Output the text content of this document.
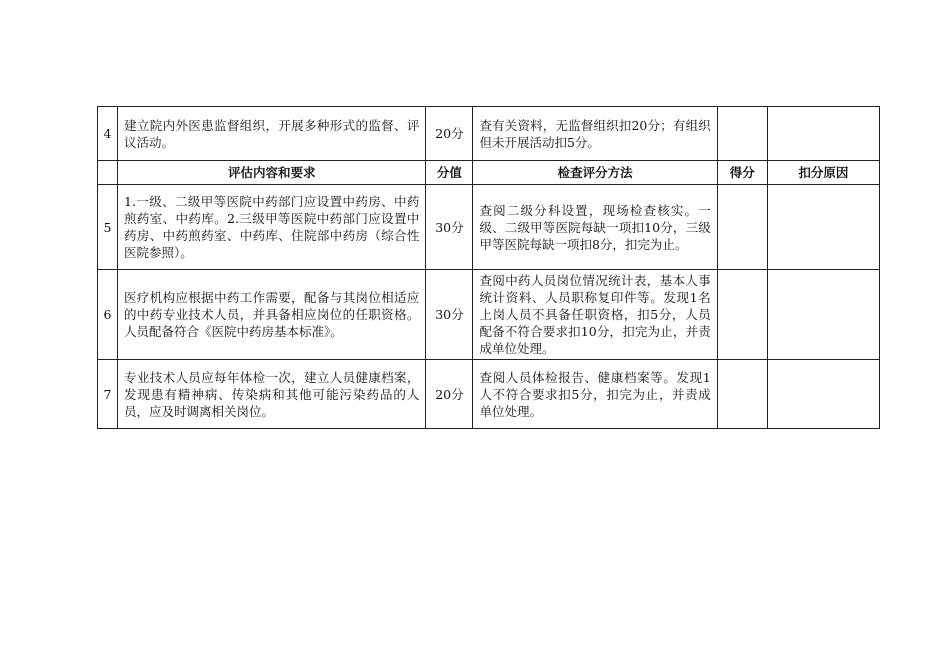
4	建立院内外医患监督组织，开展多种形式的监督、评议活动。	20分	查有关资料，无监督组织扣20分；有组织但未开展活动扣5分。		
	评估内容和要求	分值	检查评分方法	得分	扣分原因
5	1.一级、二级甲等医院中药部门应设置中药房、中药煎药室、中药库。2.三级甲等医院中药部门应设置中药房、中药煎药室、中药库、住院部中药房（综合性医院参照）。	30分	查阅二级分科设置，现场检查核实。一级、二级甲等医院每缺一项扣10分，三级甲等医院每缺一项扣8分，扣完为止。		
6	医疗机构应根据中药工作需要，配备与其岗位相适应的中药专业技术人员，并具备相应岗位的任职资格。人员配备符合《医院中药房基本标准》。	30分	查阅中药人员岗位情况统计表，基本人事统计资料、人员职称复印件等。发现1名上岗人员不具备任职资格，扣5分，人员配备不符合要求扣10分，扣完为止，并责成单位处理。		
7	专业技术人员应每年体检一次，建立人员健康档案，发现患有精神病、传染病和其他可能污染药品的人员，应及时调离相关岗位。	20分	查阅人员体检报告、健康档案等。发现1人不符合要求扣5分，扣完为止，并责成单位处理。		
